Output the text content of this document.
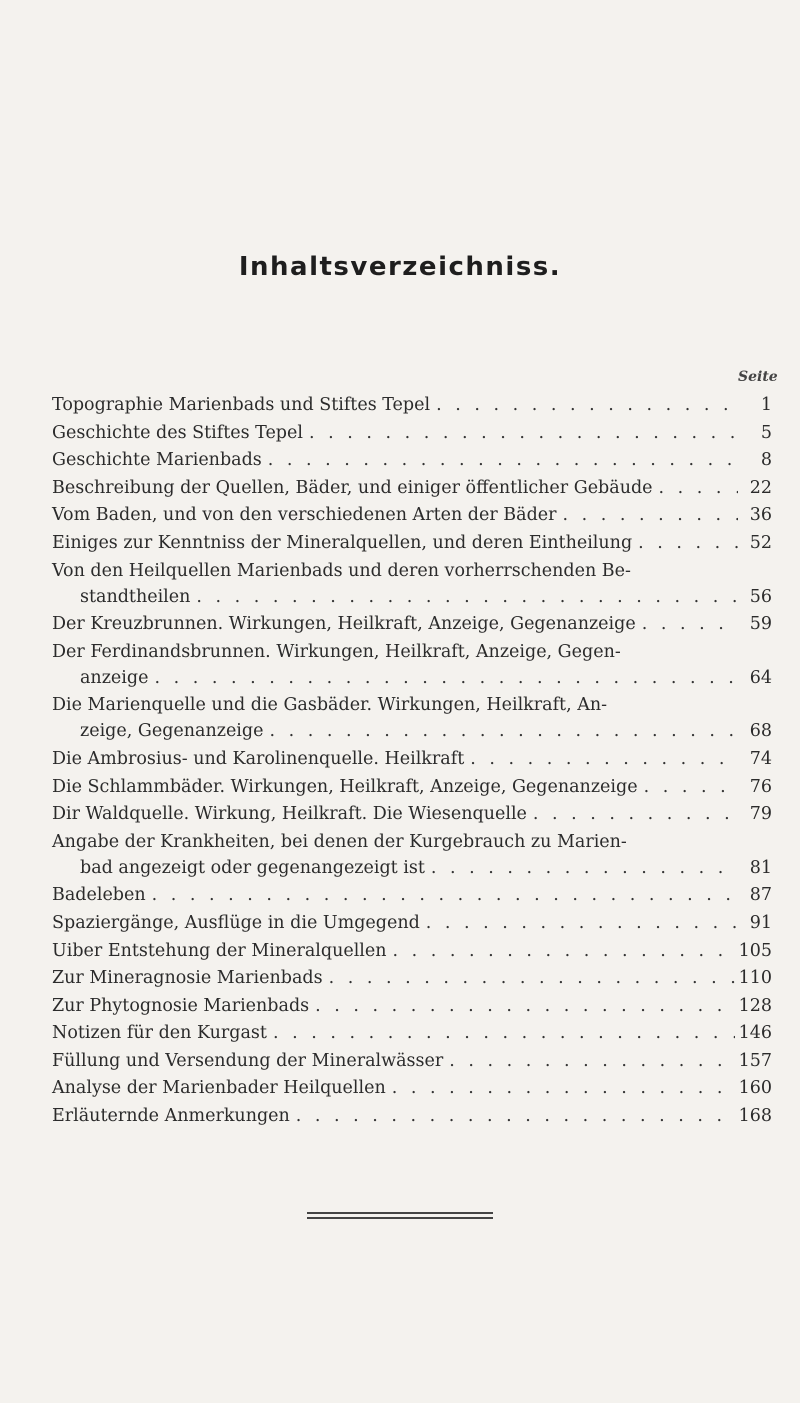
Inhaltsverzeichniss.
Seite
Topographie Marienbads und Stiftes Tepel . . .	1
Geschichte des Stiftes Tepel . . .	5
Geschichte Marienbads . . .	8
Beschreibung der Quellen, Bäder, und einiger öffentlicher Gebäude . . .	22
Vom Baden, und von den verschiedenen Arten der Bäder . . .	36
Einiges zur Kenntniss der Mineralquellen, und deren Eintheilung . . .	52
Von den Heilquellen Marienbads und deren vorherrschenden Be-
standtheilen . . .	56
Der Kreuzbrunnen. Wirkungen, Heilkraft, Anzeige, Gegenanzeige . . .	59
Der Ferdinandsbrunnen. Wirkungen, Heilkraft, Anzeige, Gegen-
anzeige . . .	64
Die Marienquelle und die Gasbäder. Wirkungen, Heilkraft, An-
zeige, Gegenanzeige . . .	68
Die Ambrosius- und Karolinenquelle. Heilkraft . . .	74
Die Schlammbäder. Wirkungen, Heilkraft, Anzeige, Gegenanzeige . . .	76
Dir Waldquelle. Wirkung, Heilkraft. Die Wiesenquelle . . .	79
Angabe der Krankheiten, bei denen der Kurgebrauch zu Marien-
bad angezeigt oder gegenangezeigt ist . . .	81
Badeleben . . .	87
Spaziergänge, Ausflüge in die Umgegend . . .	91
Uiber Entstehung der Mineralquellen . . .	105
Zur Mineragnosie Marienbads . . .	110
Zur Phytognosie Marienbads . . .	128
Notizen für den Kurgast . . .	146
Füllung und Versendung der Mineralwässer . . .	157
Analyse der Marienbader Heilquellen . . .	160
Erläuternde Anmerkungen . . .	168
